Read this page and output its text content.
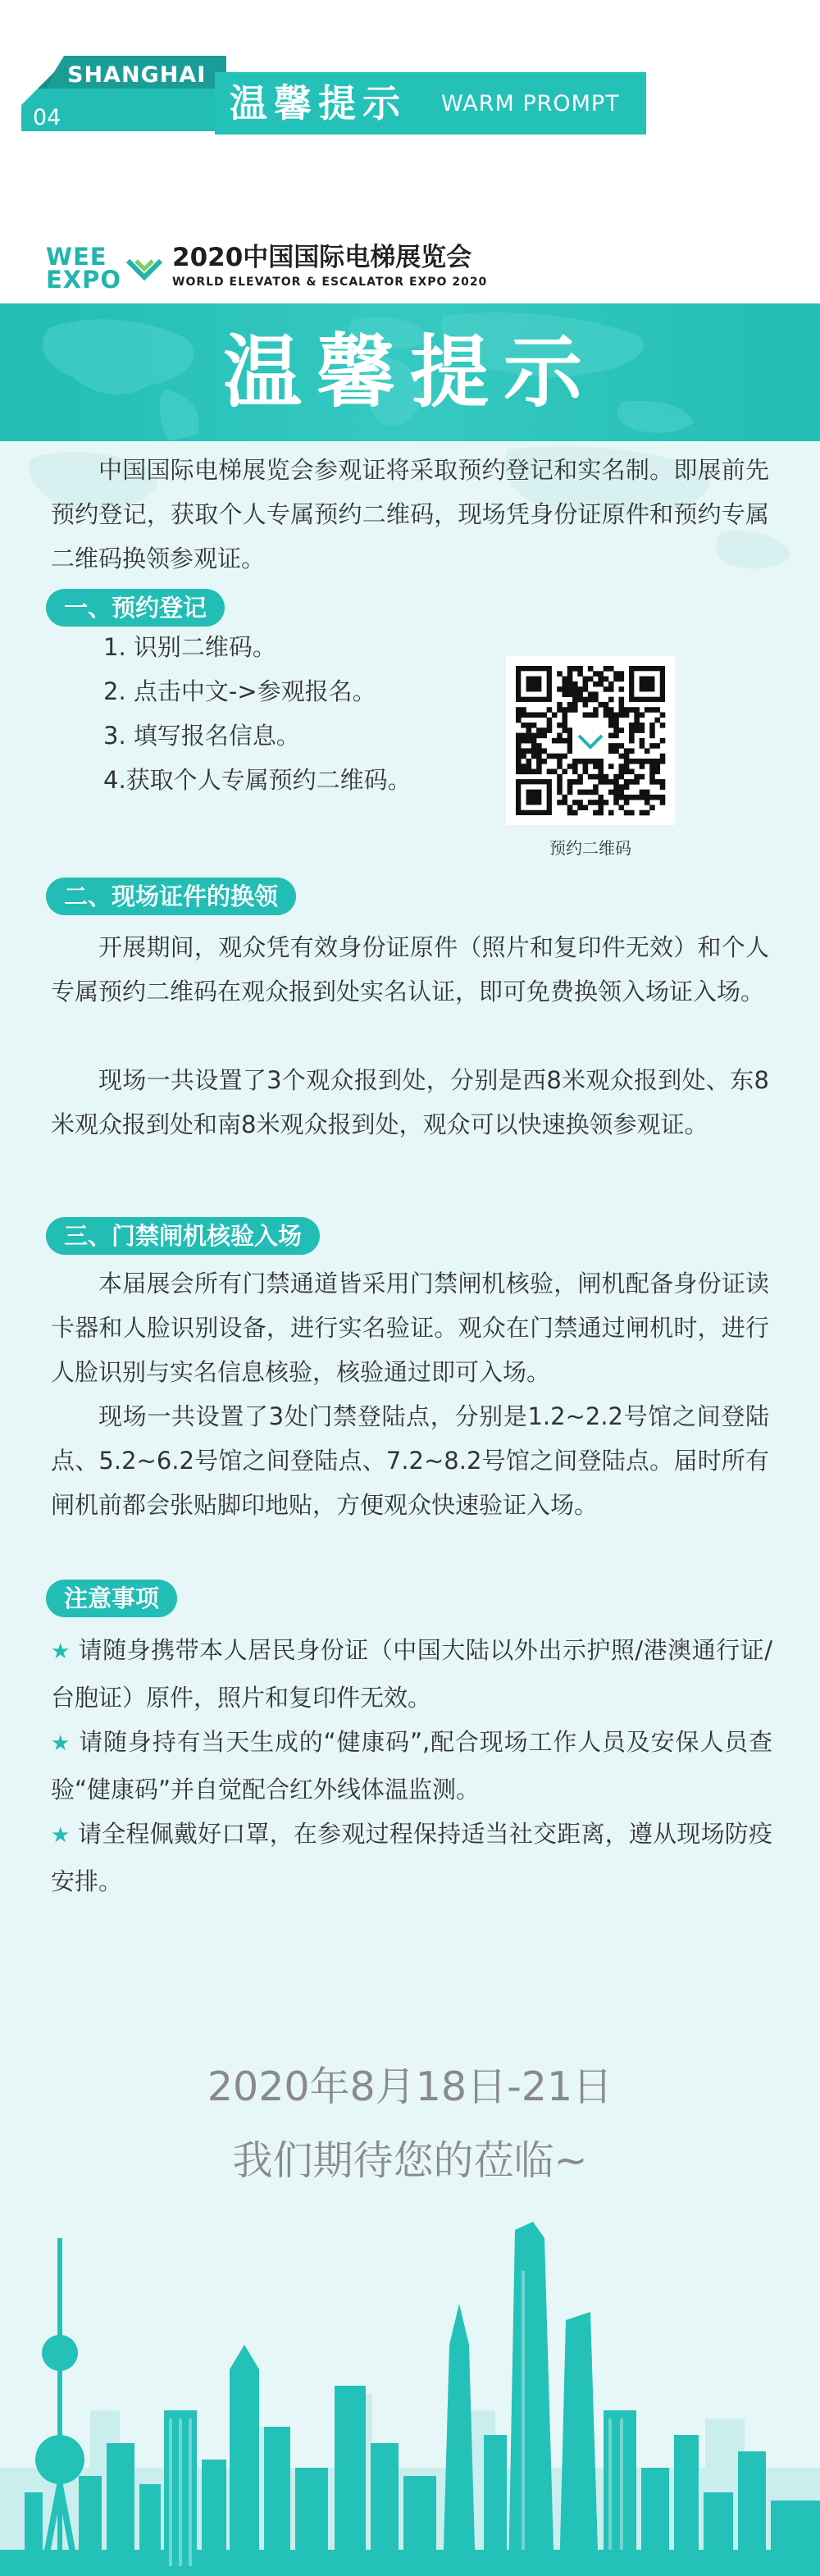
SHANGHAI
04	温馨提示 WARM PROMPT
WEE
EXPO
2020中国国际电梯展览会
WORLD ELEVATOR & ESCALATOR EXPO 2020
温馨提示
中国国际电梯展览会参观证将采取预约登记和实名制。即展前先预约登记，获取个人专属预约二维码，现场凭身份证原件和预约专属二维码换领参观证。
一、预约登记
1. 识别二维码。
2. 点击中文->参观报名。
3. 填写报名信息。
4.获取个人专属预约二维码。
预约二维码
二、现场证件的换领
开展期间，观众凭有效身份证原件（照片和复印件无效）和个人专属预约二维码在观众报到处实名认证，即可免费换领入场证入场。
现场一共设置了3个观众报到处，分别是西8米观众报到处、东8米观众报到处和南8米观众报到处，观众可以快速换领参观证。
三、门禁闸机核验入场
本届展会所有门禁通道皆采用门禁闸机核验，闸机配备身份证读卡器和人脸识别设备，进行实名验证。观众在门禁通过闸机时，进行人脸识别与实名信息核验，核验通过即可入场。
现场一共设置了3处门禁登陆点，分别是1.2~2.2号馆之间登陆点、5.2~6.2号馆之间登陆点、7.2~8.2号馆之间登陆点。届时所有闸机前都会张贴脚印地贴，方便观众快速验证入场。
注意事项
★ 请随身携带本人居民身份证（中国大陆以外出示护照/港澳通行证/台胞证）原件，照片和复印件无效。
★ 请随身持有当天生成的“健康码”,配合现场工作人员及安保人员查验“健康码”并自觉配合红外线体温监测。
★ 请全程佩戴好口罩，在参观过程保持适当社交距离，遵从现场防疫安排。
2020年8月18日-21日
我们期待您的莅临~
